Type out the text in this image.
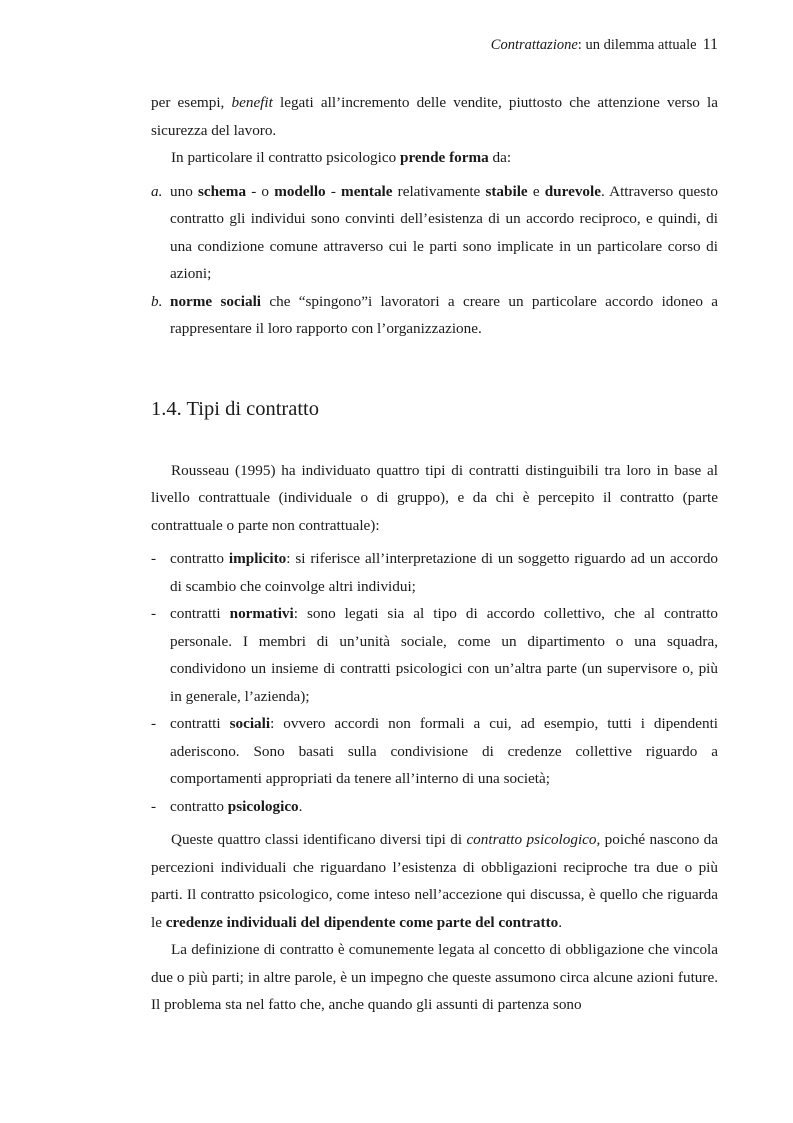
Contrattazione: un dilemma attuale 11

per esempi, benefit legati all’incremento delle vendite, piuttosto che attenzione verso la sicurezza del lavoro.

In particolare il contratto psicologico prende forma da:

a. uno schema - o modello - mentale relativamente stabile e durevole. Attraverso questo contratto gli individui sono convinti dell’esistenza di un accordo reciproco, e quindi, di una condizione comune attraverso cui le parti sono implicate in un particolare corso di azioni;
b. norme sociali che “spingono”i lavoratori a creare un particolare accordo idoneo a rappresentare il loro rapporto con l’organizzazione.
1.4. Tipi di contratto

Rousseau (1995) ha individuato quattro tipi di contratti distinguibili tra loro in base al livello contrattuale (individuale o di gruppo), e da chi è percepito il contratto (parte contrattuale o parte non contrattuale):

- contratto implicito: si riferisce all’interpretazione di un soggetto riguardo ad un accordo di scambio che coinvolge altri individui;
- contratti normativi: sono legati sia al tipo di accordo collettivo, che al contratto personale. I membri di un’unità sociale, come un dipartimento o una squadra, condividono un insieme di contratti psicologici con un’altra parte (un supervisore o, più in generale, l’azienda);
- contratti sociali: ovvero accordi non formali a cui, ad esempio, tutti i dipendenti aderiscono. Sono basati sulla condivisione di credenze collettive riguardo a comportamenti appropriati da tenere all’interno di una società;
- contratto psicologico.

Queste quattro classi identificano diversi tipi di contratto psicologico, poiché nascono da percezioni individuali che riguardano l’esistenza di obbligazioni reciproche tra due o più parti. Il contratto psicologico, come inteso nell’accezione qui discussa, è quello che riguarda le credenze individuali del dipendente come parte del contratto.

La definizione di contratto è comunemente legata al concetto di obbligazione che vincola due o più parti; in altre parole, è un impegno che queste assumono circa alcune azioni future. Il problema sta nel fatto che, anche quando gli assunti di partenza sono
